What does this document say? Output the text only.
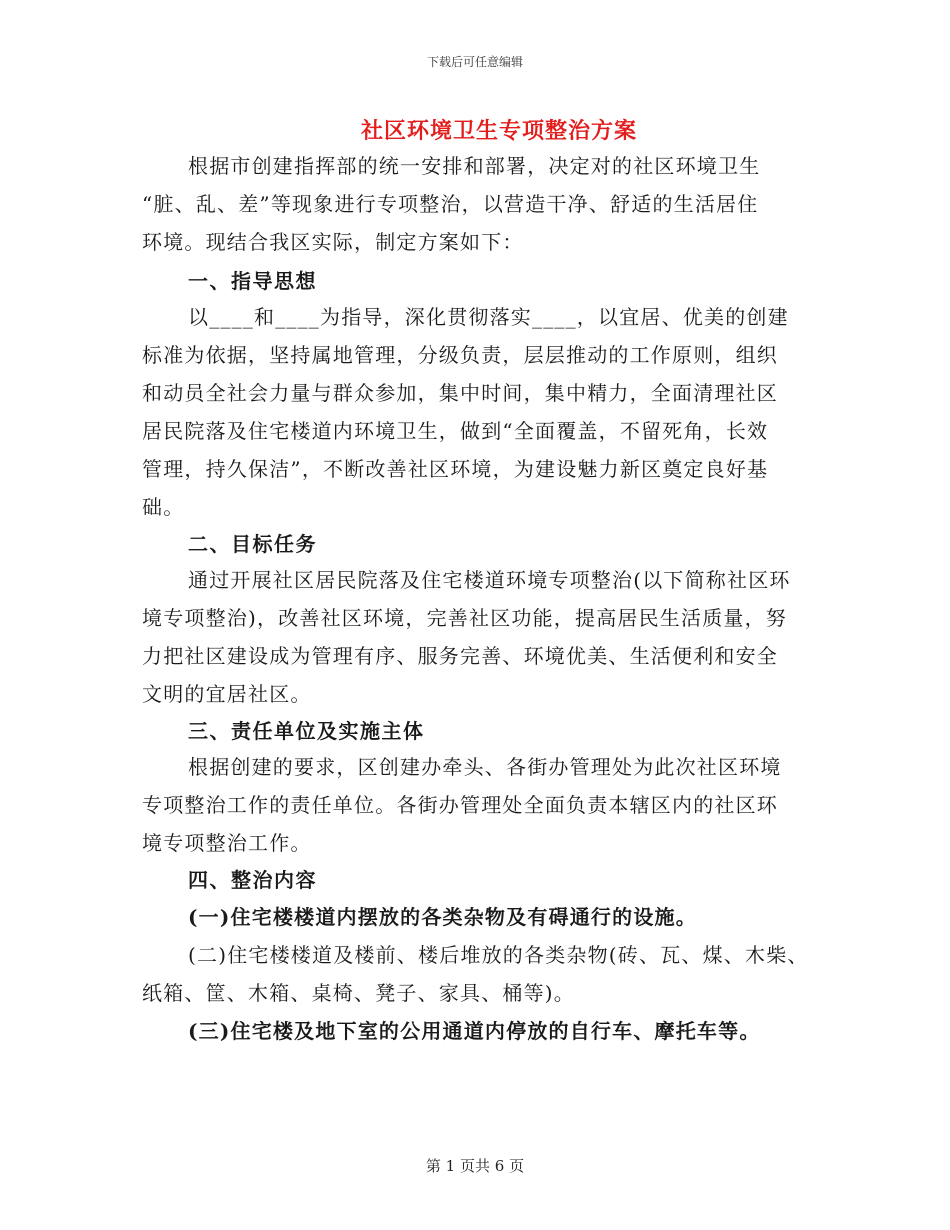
下载后可任意编辑
社区环境卫生专项整治方案
根据市创建指挥部的统一安排和部署，决定对的社区环境卫生
“脏、乱、差”等现象进行专项整治，以营造干净、舒适的生活居住
环境。现结合我区实际，制定方案如下：
一、指导思想
以____和____为指导，深化贯彻落实____，以宜居、优美的创建
标准为依据，坚持属地管理，分级负责，层层推动的工作原则，组织
和动员全社会力量与群众参加，集中时间，集中精力，全面清理社区
居民院落及住宅楼道内环境卫生，做到“全面覆盖，不留死角，长效
管理，持久保洁”，不断改善社区环境，为建设魅力新区奠定良好基
础。
二、目标任务
通过开展社区居民院落及住宅楼道环境专项整治(以下简称社区环
境专项整治)，改善社区环境，完善社区功能，提高居民生活质量，努
力把社区建设成为管理有序、服务完善、环境优美、生活便利和安全
文明的宜居社区。
三、责任单位及实施主体
根据创建的要求，区创建办牵头、各街办管理处为此次社区环境
专项整治工作的责任单位。各街办管理处全面负责本辖区内的社区环
境专项整治工作。
四、整治内容
(一)住宅楼楼道内摆放的各类杂物及有碍通行的设施。
(二)住宅楼楼道及楼前、楼后堆放的各类杂物(砖、瓦、煤、木柴、
纸箱、筐、木箱、桌椅、凳子、家具、桶等)。
(三)住宅楼及地下室的公用通道内停放的自行车、摩托车等。
第 1 页共 6 页
